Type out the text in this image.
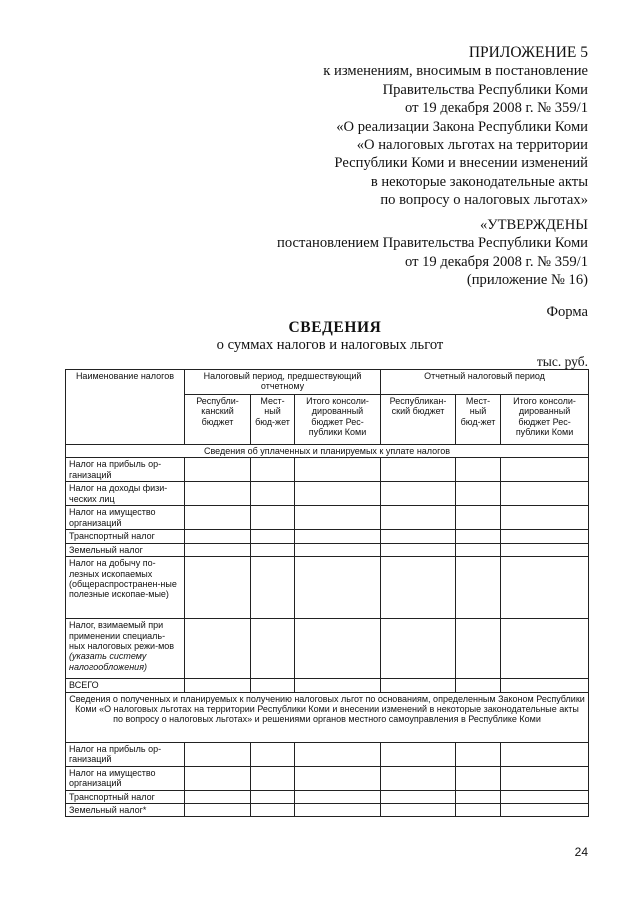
ПРИЛОЖЕНИЕ 5
к изменениям, вносимым в постановление
Правительства Республики Коми
от 19 декабря 2008 г. № 359/1
«О реализации Закона Республики Коми
«О налоговых льготах на территории
Республики Коми и внесении изменений
в некоторые законодательные акты
по вопросу о налоговых льготах»
«УТВЕРЖДЕНЫ
постановлением Правительства Республики Коми
от 19 декабря 2008 г. № 359/1
(приложение № 16)
Форма
СВЕДЕНИЯ
о суммах налогов и налоговых льгот
тыс. руб.
Наименование налогов	Налоговый период, предшествующий отчетному			Отчетный налоговый период		
	Республи-канский бюджет	Мест-ный бюд-жет	Итого консоли-дированный бюджет Рес-публики Коми	Республикан-ский бюджет	Мест-ный бюд-жет	Итого консоли-дированный бюджет Рес-публики Коми
Сведения об уплаченных и планируемых к уплате налогов						
Налог на прибыль ор-ганизаций						
Налог на доходы физи-ческих лиц						
Налог на имущество организаций						
Транспортный налог						
Земельный налог						
Налог на добычу по-лезных ископаемых (общераспространен-ные полезные ископае-мые)						
Налог, взимаемый при применении специаль-ных налоговых режи-мов (указать систему налогообложения)						
ВСЕГО						
Сведения о полученных и планируемых к получению налоговых льгот по основаниям, определенным Законом Республики Коми «О налоговых льготах на территории Республики Коми и внесении изменений в некоторые законодательные акты по вопросу о налоговых льготах» и решениями органов местного самоуправления в Республике Коми						
Налог на прибыль ор-ганизаций						
Налог на имущество организаций						
Транспортный налог						
Земельный налог*						
24
